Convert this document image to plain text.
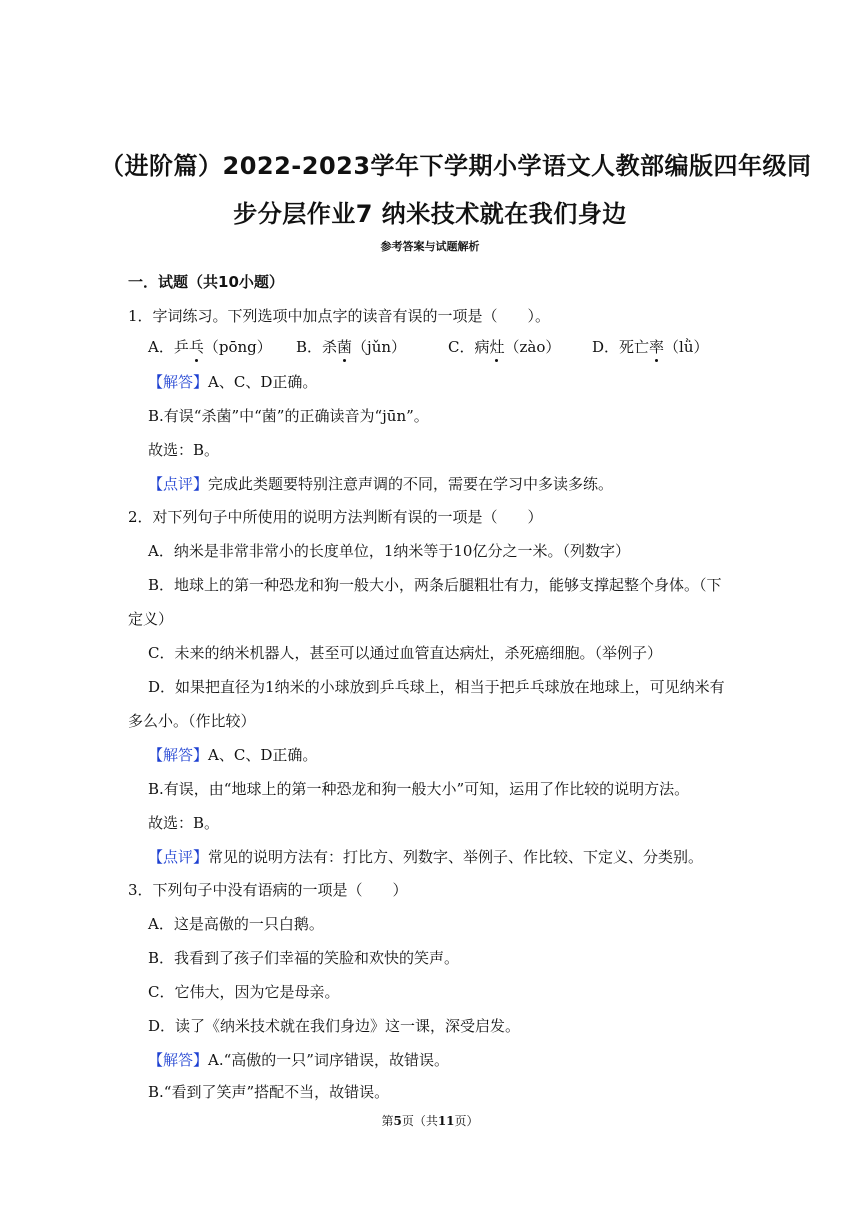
（进阶篇）2022-2023学年下学期小学语文人教部编版四年级同
步分层作业7 纳米技术就在我们身边
参考答案与试题解析
一．试题（共10小题）
1．字词练习。下列选项中加点字的读音有误的一项是（　　）。
A．乒乓（pōng） B．杀菌（jǔn）	C．病灶（zào） D．死亡率（lǜ）
【解答】A、C、D正确。
B.有误“杀菌”中“菌”的正确读音为“jūn”。
故选：B。
【点评】完成此类题要特别注意声调的不同，需要在学习中多读多练。
2．对下列句子中所使用的说明方法判断有误的一项是（　　）
A．纳米是非常非常小的长度单位，1纳米等于10亿分之一米。（列数字）
B．地球上的第一种恐龙和狗一般大小，两条后腿粗壮有力，能够支撑起整个身体。（下
定义）
C．未来的纳米机器人，甚至可以通过血管直达病灶，杀死癌细胞。（举例子）
D．如果把直径为1纳米的小球放到乒乓球上，相当于把乒乓球放在地球上，可见纳米有
多么小。（作比较）
【解答】A、C、D正确。
B.有误，由“地球上的第一种恐龙和狗一般大小”可知，运用了作比较的说明方法。
故选：B。
【点评】常见的说明方法有：打比方、列数字、举例子、作比较、下定义、分类别。
3．下列句子中没有语病的一项是（　　）
A．这是高傲的一只白鹅。
B．我看到了孩子们幸福的笑脸和欢快的笑声。
C．它伟大，因为它是母亲。
D．读了《纳米技术就在我们身边》这一课，深受启发。
【解答】A.“高傲的一只”词序错误，故错误。
B.“看到了笑声”搭配不当，故错误。
第5页（共11页）
